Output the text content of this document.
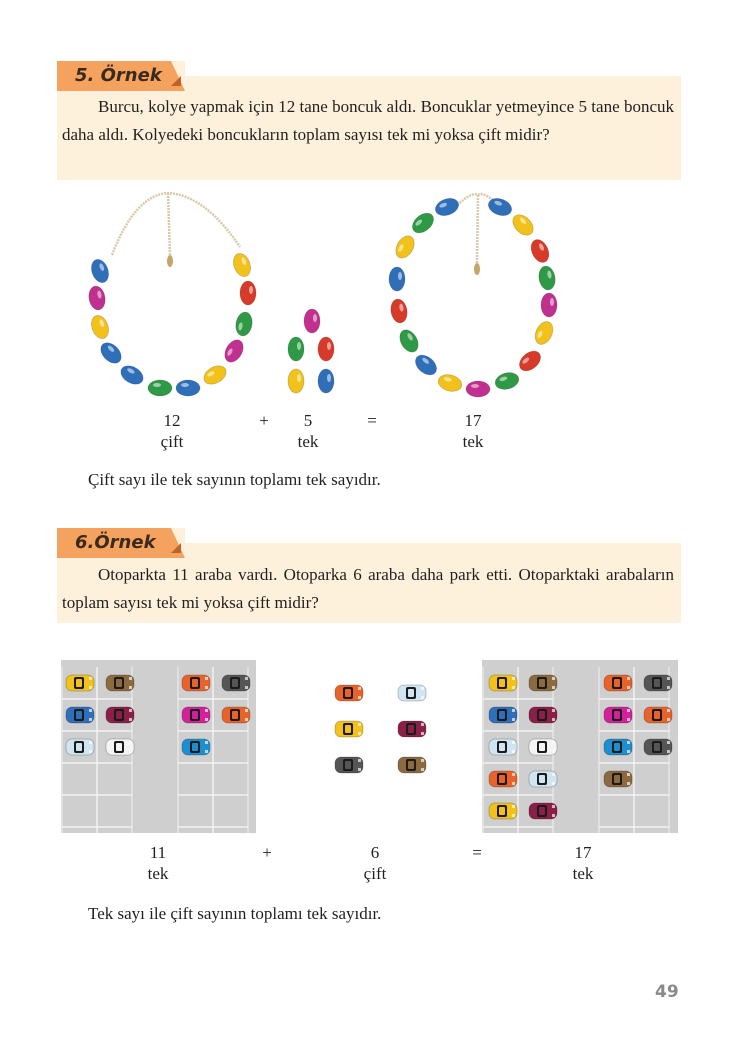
5. Örnek
Burcu, kolye yapmak için 12 tane boncuk aldı. Boncuklar yetmeyince 5 tane boncuk daha aldı. Kolyedeki boncukların toplam sayısı tek mi yoksa çift midir?
12
çift
+	5
tek
=	17
tek
Çift sayı ile tek sayının toplamı tek sayıdır.
6.Örnek
Otoparkta 11 araba vardı. Otoparka 6 araba daha park etti. Otoparktaki arabaların toplam sayısı tek mi yoksa çift midir?
11
tek
+	6
çift
=	17
tek
Tek sayı ile çift sayının toplamı tek sayıdır.
49
